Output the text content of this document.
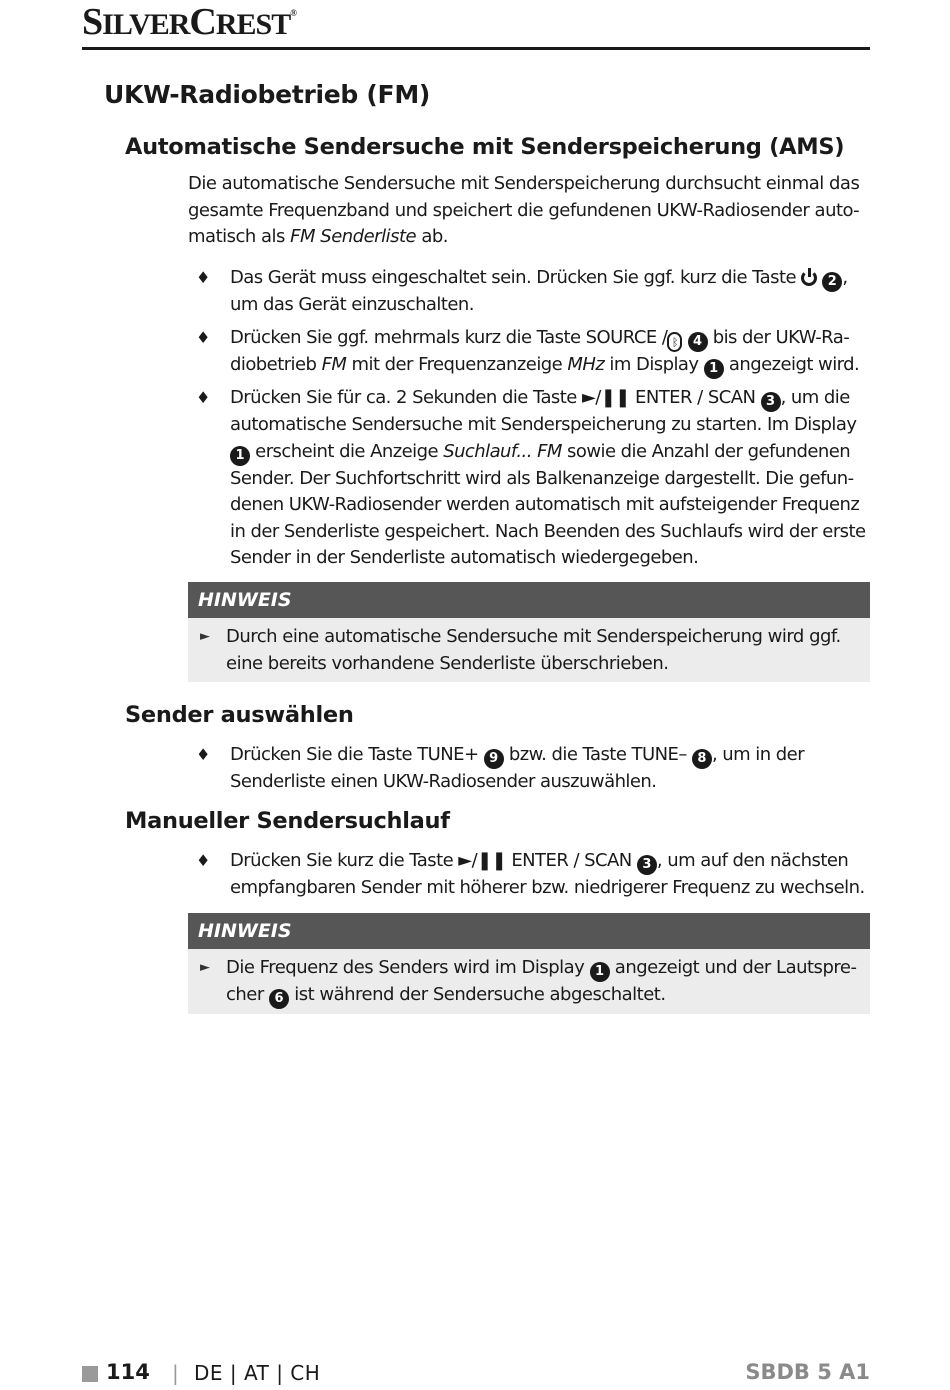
SILVERCREST®
UKW-Radiobetrieb (FM)
Automatische Sendersuche mit Senderspeicherung (AMS)

Die automatische Sendersuche mit Senderspeicherung durchsucht einmal das gesamte Frequenzband und speichert die gefundenen UKW-Radiosender automatisch als FM Senderliste ab.

♦ Das Gerät muss eingeschaltet sein. Drücken Sie ggf. kurz die Taste  2 , um das Gerät einzuschalten.
♦ Drücken Sie ggf. mehrmals kurz die Taste SOURCE / ᛒ 4 bis der UKW-Radiobetrieb FM mit der Frequenzanzeige MHz im Display 1 angezeigt wird.
♦ Drücken Sie für ca. 2 Sekunden die Taste ►/❚❚ ENTER / SCAN 3 , um die automatische Sendersuche mit Senderspeicherung zu starten. Im Display 1 erscheint die Anzeige Suchlauf... FM sowie die Anzahl der gefundenen Sender. Der Suchfortschritt wird als Balkenanzeige dargestellt. Die gefundenen UKW-Radiosender werden automatisch mit aufsteigender Frequenz in der Senderliste gespeichert. Nach Beenden des Suchlaufs wird der erste Sender in der Senderliste automatisch wiedergegeben.
HINWEIS
► Durch eine automatische Sendersuche mit Senderspeicherung wird ggf. eine bereits vorhandene Senderliste überschrieben.
Sender auswählen
♦ Drücken Sie die Taste TUNE+ 9 bzw. die Taste TUNE– 8 , um in der Senderliste einen UKW-Radiosender auszuwählen.
Manueller Sendersuchlauf
♦ Drücken Sie kurz die Taste ►/❚❚ ENTER / SCAN 3 , um auf den nächsten empfangbaren Sender mit höherer bzw. niedrigerer Frequenz zu wechseln.
HINWEIS
► Die Frequenz des Senders wird im Display 1 angezeigt und der Lautsprecher 6 ist während der Sendersuche abgeschaltet.
114 | DE | AT | CH	SBDB 5 A1
